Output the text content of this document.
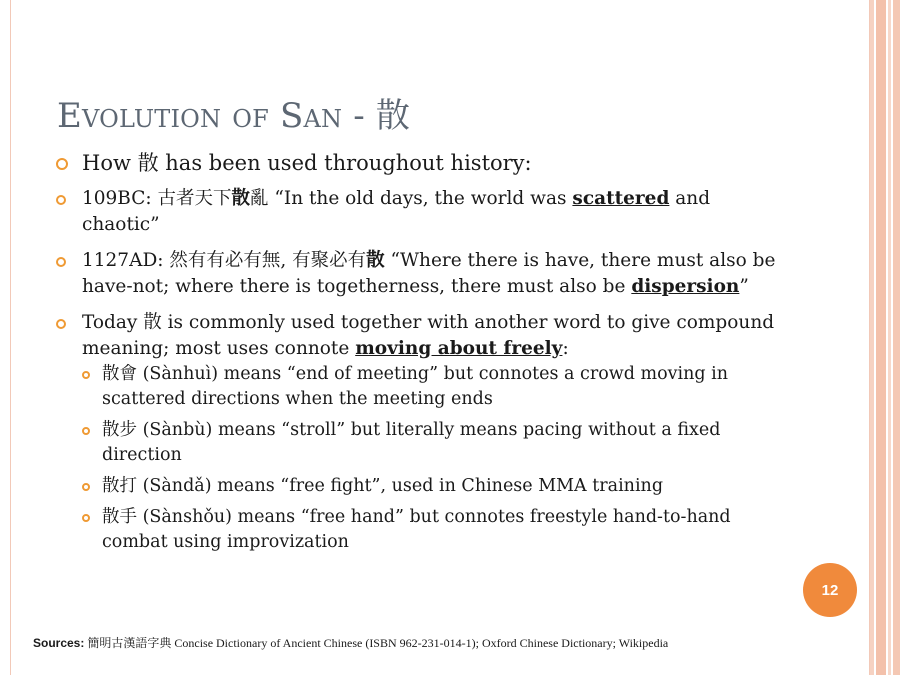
Evolution of San - 散
How 散 has been used throughout history:
109BC: 古者天下散亂 “In the old days, the world was scattered and chaotic”
1127AD: 然有有必有無, 有聚必有散 “Where there is have, there must also be have-not; where there is togetherness, there must also be dispersion”
Today 散 is commonly used together with another word to give compound meaning; most uses connote moving about freely:
散會 (Sànhuì) means “end of meeting” but connotes a crowd moving in scattered directions when the meeting ends
散步 (Sànbù) means “stroll” but literally means pacing without a fixed direction
散打 (Sàndǎ) means “free fight”, used in Chinese MMA training
散手 (Sànshǒu) means “free hand” but connotes freestyle hand-to-hand combat using improvization
12
Sources: 簡明古漢語字典 Concise Dictionary of Ancient Chinese (ISBN 962-231-014-1); Oxford Chinese Dictionary; Wikipedia
